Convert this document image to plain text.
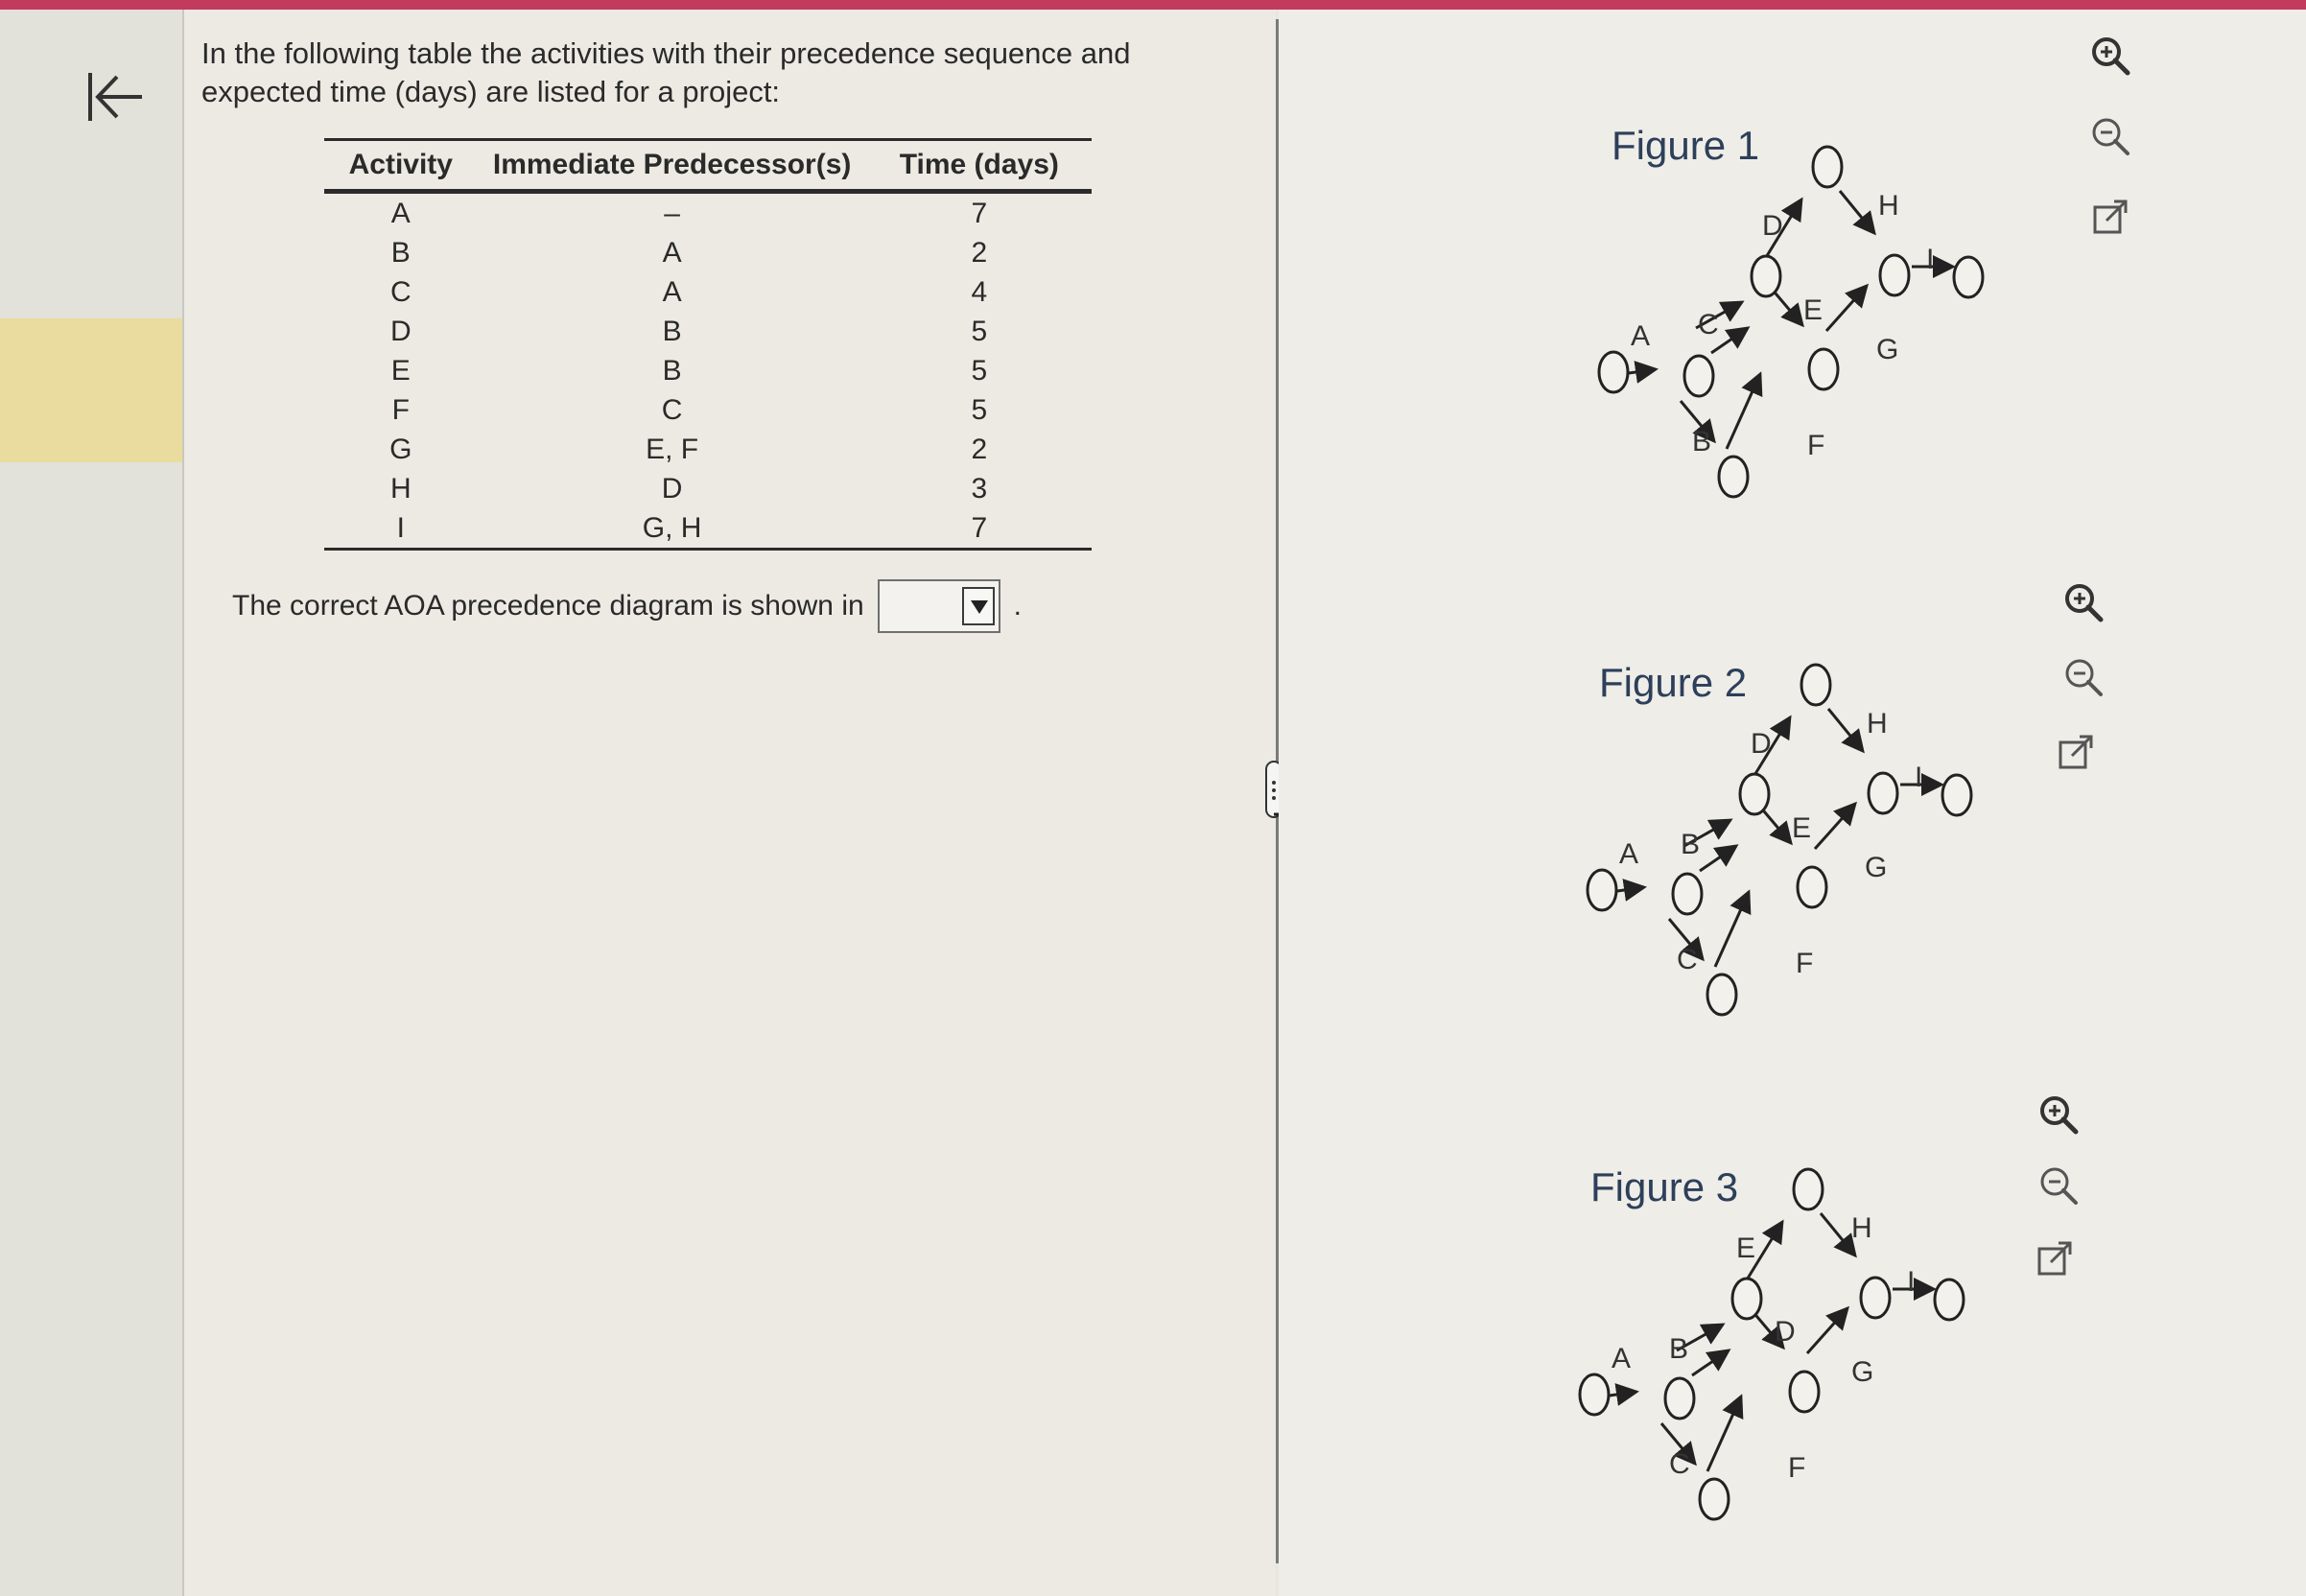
In the following table the activities with their precedence sequence and expected time (days) are listed for a project:

Activity	Immediate Predecessor(s)	Time (days)
A	–	7
B	A	2
C	A	4
D	B	5
E	B	5
F	C	5
G	E, F	2
H	D	3
I	G, H	7
The correct AOA precedence diagram is shown in	.
Figure 1
A
B
C
D
E
F
G
H
I
Figure 2
A B
C
D
E
F
G
H
I
Figure 3
A B
C
D
E
F
G
H
I
